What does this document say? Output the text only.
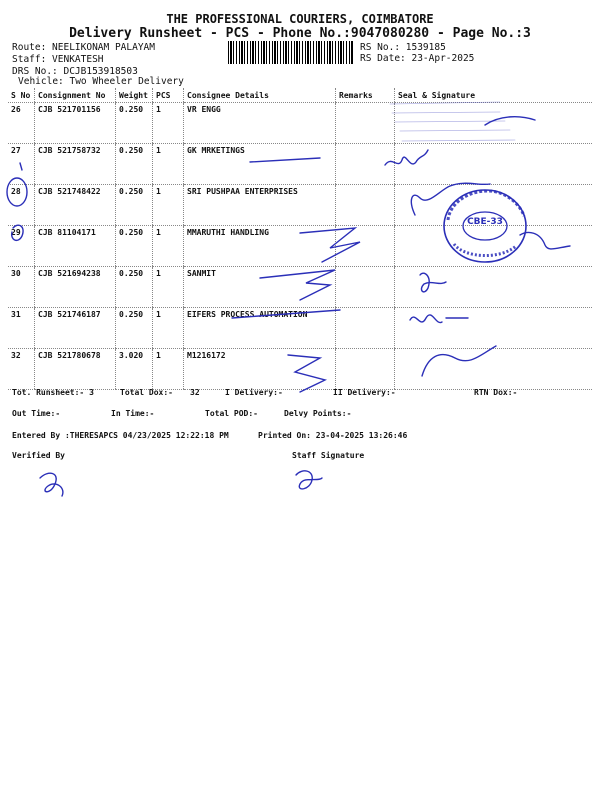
THE PROFESSIONAL COURIERS, COIMBATORE
Delivery Runsheet - PCS - Phone No.:9047080280 - Page No.:3
Route: NEELIKONAM PALAYAM
Staff: VENKATESH
DRS No.: DCJB153918503
Vehicle: Two Wheeler Delivery
RS No.: 1539185
RS Date: 23-Apr-2025
S No	Consignment No	Weight	PCS	Consignee Details	Remarks	Seal & Signature
26	CJB 521701156	0.250	1	VR ENGG		
27	CJB 521758732	0.250	1	GK MRKETINGS		
28	CJB 521748422	0.250	1	SRI PUSHPAA ENTERPRISES		
29	CJB 81104171	0.250	1	MMARUTHI HANDLING		
30	CJB 521694238	0.250	1	SANMIT		
31	CJB 521746187	0.250	1	EIFERS PROCESS AUTOMATION		
32	CJB 521780678	3.020	1	M1216172		
Tot. Runsheet:- 3	Total Dox:- 32	I Delivery:-	II Delivery:-	RTN Dox:-
Out Time:-	In Time:-	Total POD:-	Delvy Points:-
Entered By :THERESAPCS 04/23/2025 12:22:18 PM	Printed On: 23-04-2025 13:26:46
Verified By	Staff Signature
CBE-33
